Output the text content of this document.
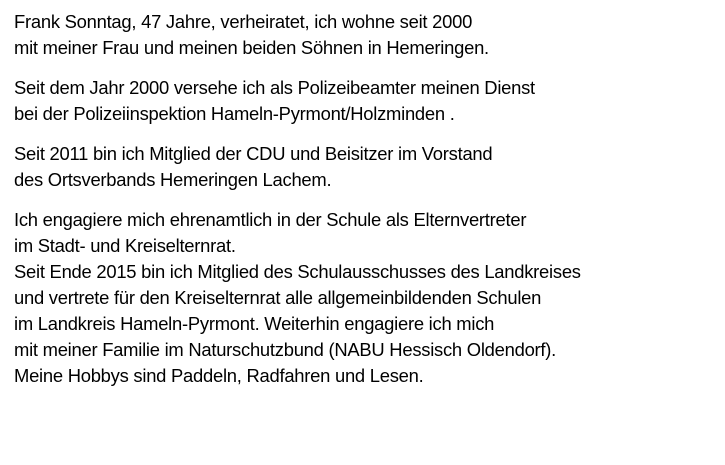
Frank Sonntag, 47 Jahre, verheiratet, ich wohne seit 2000
mit meiner Frau und meinen beiden Söhnen in Hemeringen.

Seit dem Jahr 2000 versehe ich als Polizeibeamter meinen Dienst
bei der Polizeiinspektion Hameln-Pyrmont/Holzminden .

Seit 2011 bin ich Mitglied der CDU und Beisitzer im Vorstand
des Ortsverbands Hemeringen Lachem.

Ich engagiere mich ehrenamtlich in der Schule als Elternvertreter
im Stadt- und Kreiselternrat.
Seit Ende 2015 bin ich Mitglied des Schulausschusses des Landkreises
und vertrete für den Kreiselternrat alle allgemeinbildenden Schulen
im Landkreis Hameln-Pyrmont. Weiterhin engagiere ich mich
mit meiner Familie im Naturschutzbund (NABU Hessisch Oldendorf).
Meine Hobbys sind Paddeln, Radfahren und Lesen.
